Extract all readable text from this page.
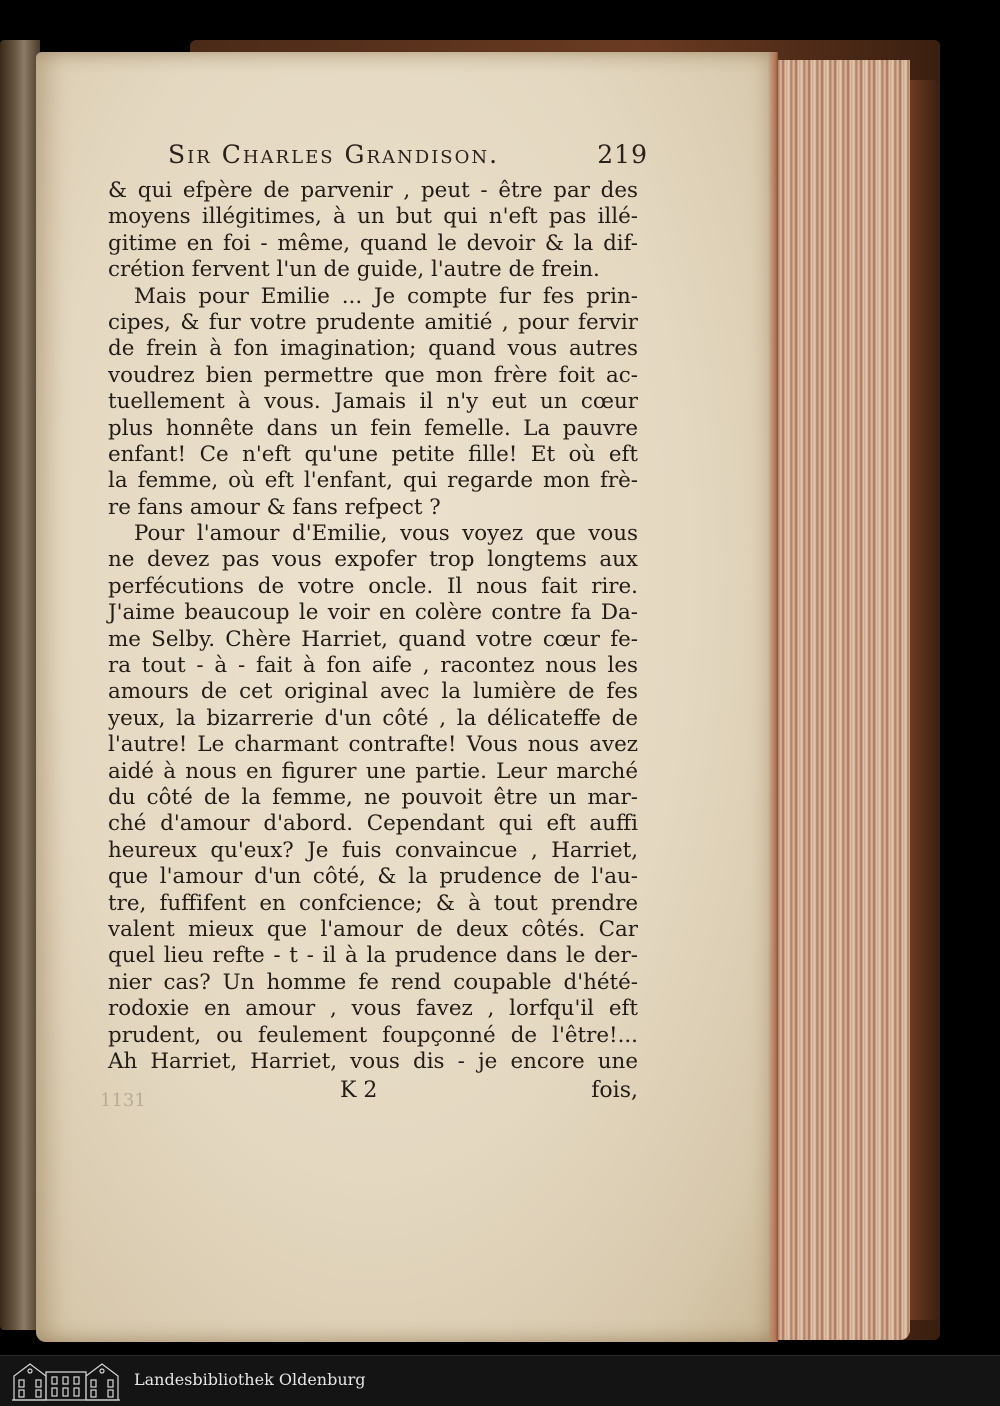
Sir Charles Grandison.	219
& qui efpère de parvenir , peut - être par des
moyens illégitimes, à un but qui n'eft pas illé-
gitime en foi - même, quand le devoir & la dif-
crétion fervent l'un de guide, l'autre de frein.
Mais pour Emilie ... Je compte fur fes prin-
cipes, & fur votre prudente amitié , pour fervir
de frein à fon imagination; quand vous autres
voudrez bien permettre que mon frère foit ac-
tuellement à vous. Jamais il n'y eut un cœur
plus honnête dans un fein femelle. La pauvre
enfant! Ce n'eft qu'une petite fille! Et où eft
la femme, où eft l'enfant, qui regarde mon frè-
re fans amour & fans refpect ?
Pour l'amour d'Emilie, vous voyez que vous
ne devez pas vous expofer trop longtems aux
perfécutions de votre oncle. Il nous fait rire.
J'aime beaucoup le voir en colère contre fa Da-
me Selby. Chère Harriet, quand votre cœur fe-
ra tout - à - fait à fon aife , racontez nous les
amours de cet original avec la lumière de fes
yeux, la bizarrerie d'un côté , la délicateffe de
l'autre! Le charmant contrafte! Vous nous avez
aidé à nous en figurer une partie. Leur marché
du côté de la femme, ne pouvoit être un mar-
ché d'amour d'abord. Cependant qui eft auffi
heureux qu'eux? Je fuis convaincue , Harriet,
que l'amour d'un côté, & la prudence de l'au-
tre, fuffifent en confcience; & à tout prendre
valent mieux que l'amour de deux côtés. Car
quel lieu refte - t - il à la prudence dans le der-
nier cas? Un homme fe rend coupable d'hété-
rodoxie en amour , vous favez , lorfqu'il eft
prudent, ou feulement foupçonné de l'être!...
Ah Harriet, Harriet, vous dis - je encore une
1131	K 2	fois,
Landesbibliothek Oldenburg
